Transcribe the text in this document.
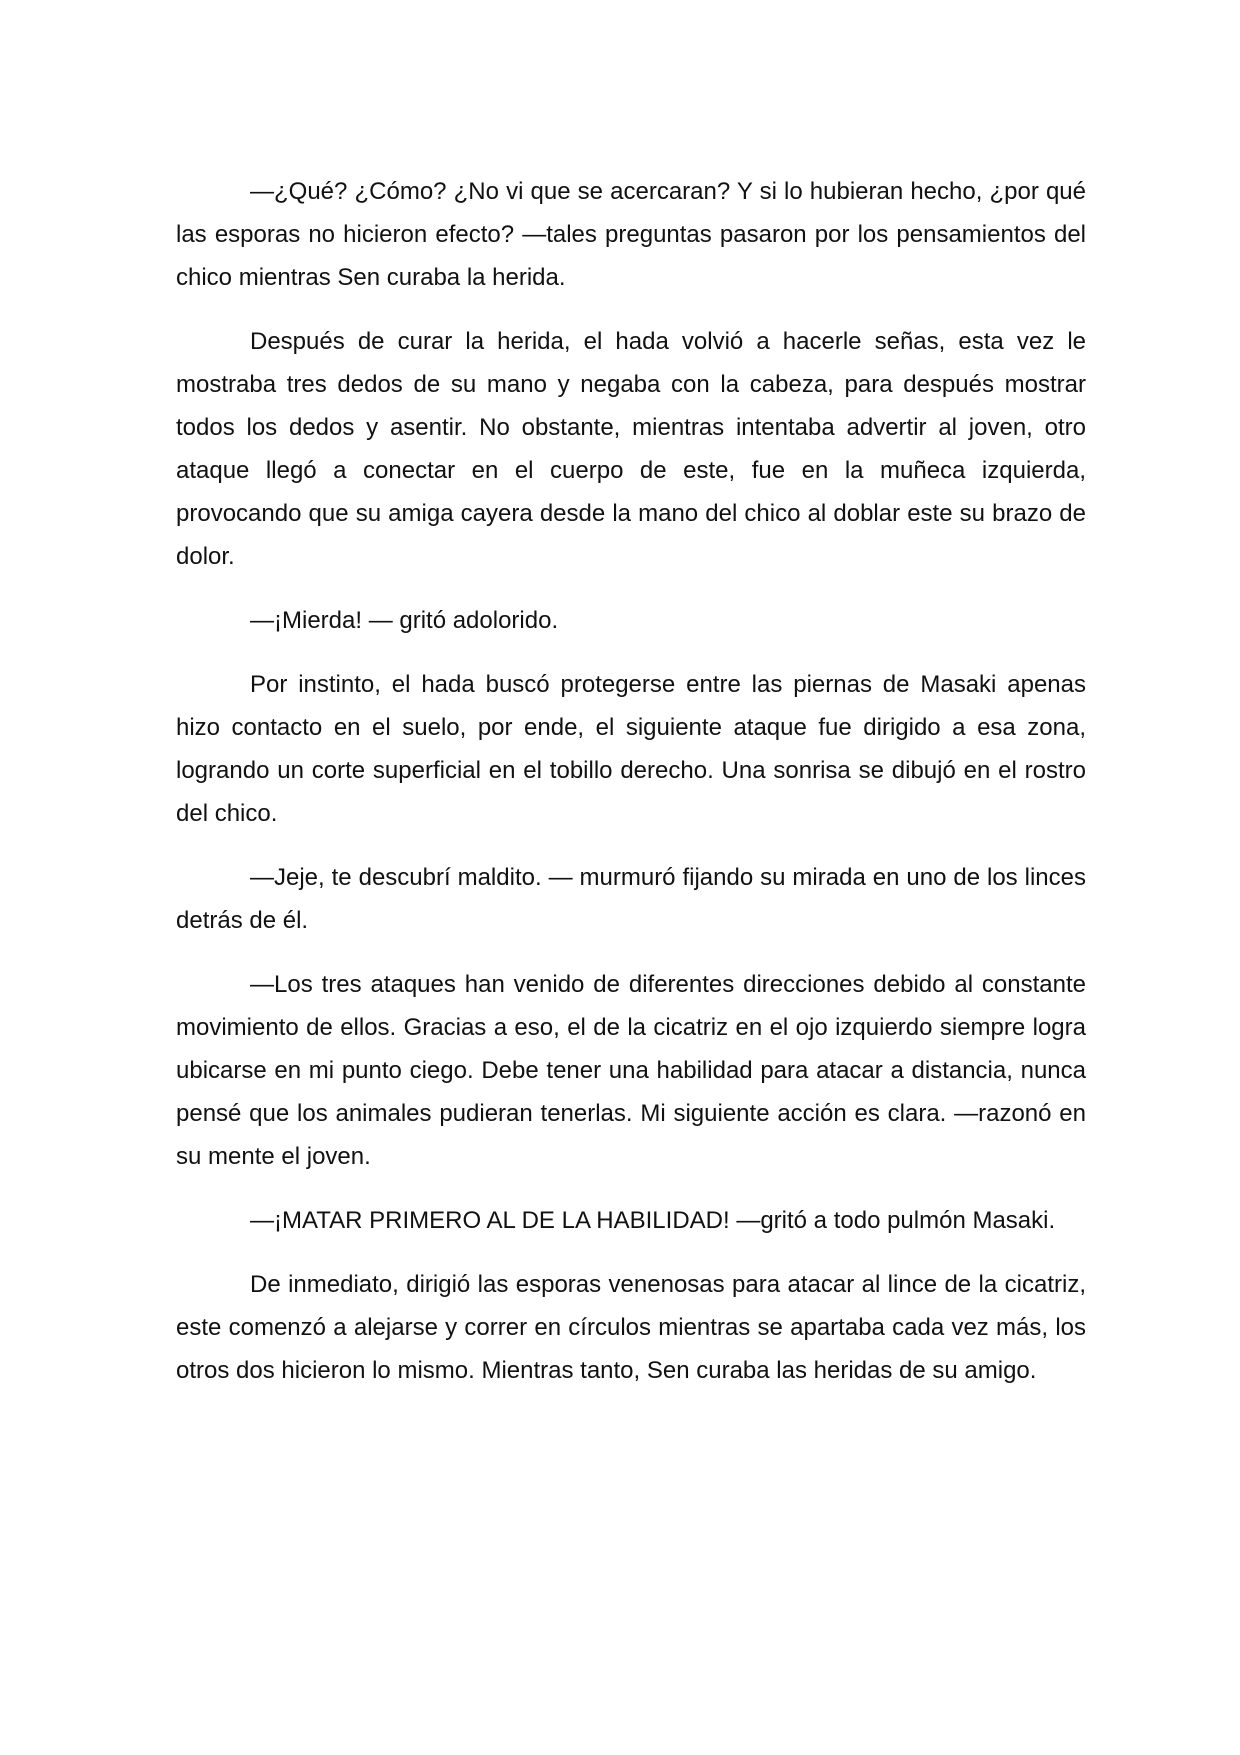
—¿Qué? ¿Cómo? ¿No vi que se acercaran? Y si lo hubieran hecho, ¿por qué las esporas no hicieron efecto? —tales preguntas pasaron por los pensamientos del chico mientras Sen curaba la herida.

Después de curar la herida, el hada volvió a hacerle señas, esta vez le mostraba tres dedos de su mano y negaba con la cabeza, para después mostrar todos los dedos y asentir. No obstante, mientras intentaba advertir al joven, otro ataque llegó a conectar en el cuerpo de este, fue en la muñeca izquierda, provocando que su amiga cayera desde la mano del chico al doblar este su brazo de dolor.

—¡Mierda! — gritó adolorido.

Por instinto, el hada buscó protegerse entre las piernas de Masaki apenas hizo contacto en el suelo, por ende, el siguiente ataque fue dirigido a esa zona, logrando un corte superficial en el tobillo derecho. Una sonrisa se dibujó en el rostro del chico.

—Jeje, te descubrí maldito. — murmuró fijando su mirada en uno de los linces detrás de él.

—Los tres ataques han venido de diferentes direcciones debido al constante movimiento de ellos. Gracias a eso, el de la cicatriz en el ojo izquierdo siempre logra ubicarse en mi punto ciego. Debe tener una habilidad para atacar a distancia, nunca pensé que los animales pudieran tenerlas. Mi siguiente acción es clara. —razonó en su mente el joven.

—¡MATAR PRIMERO AL DE LA HABILIDAD! —gritó a todo pulmón Masaki.

De inmediato, dirigió las esporas venenosas para atacar al lince de la cicatriz, este comenzó a alejarse y correr en círculos mientras se apartaba cada vez más, los otros dos hicieron lo mismo. Mientras tanto, Sen curaba las heridas de su amigo.
